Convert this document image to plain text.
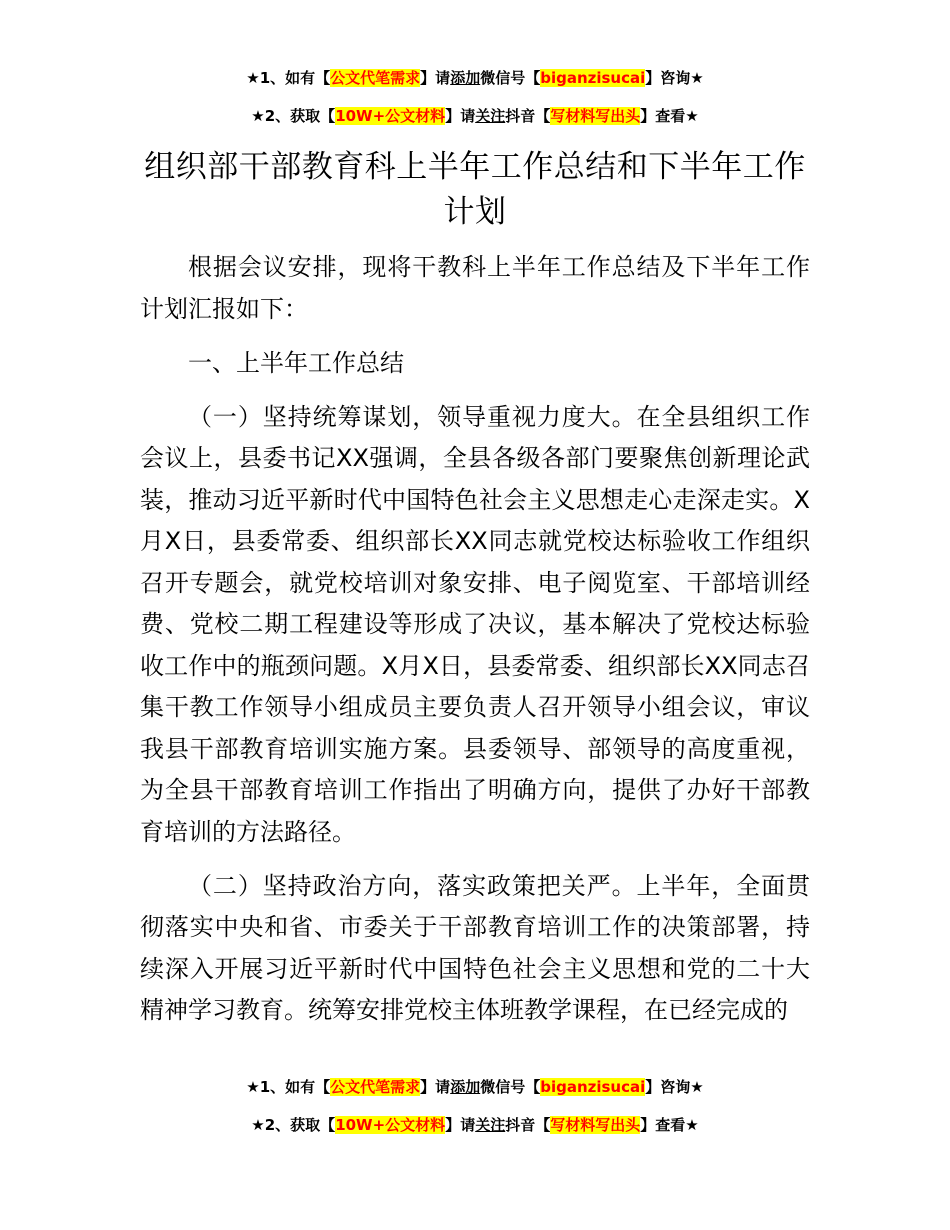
★1、如有【公文代笔需求】请添加微信号【biganzisucai】咨询★
★2、获取【10W+公文材料】请关注抖音【写材料写出头】查看★
组织部干部教育科上半年工作总结和下半年工作计划

根据会议安排，现将干教科上半年工作总结及下半年工作计划汇报如下：

一、上半年工作总结

（一）坚持统筹谋划，领导重视力度大。在全县组织工作会议上，县委书记XX强调，全县各级各部门要聚焦创新理论武装，推动习近平新时代中国特色社会主义思想走心走深走实。X月X日，县委常委、组织部长XX同志就党校达标验收工作组织召开专题会，就党校培训对象安排、电子阅览室、干部培训经费、党校二期工程建设等形成了决议，基本解决了党校达标验收工作中的瓶颈问题。X月X日，县委常委、组织部长XX同志召集干教工作领导小组成员主要负责人召开领导小组会议，审议我县干部教育培训实施方案。县委领导、部领导的高度重视，为全县干部教育培训工作指出了明确方向，提供了办好干部教育培训的方法路径。

（二）坚持政治方向，落实政策把关严。上半年，全面贯彻落实中央和省、市委关于干部教育培训工作的决策部署，持续深入开展习近平新时代中国特色社会主义思想和党的二十大精神学习教育。统筹安排党校主体班教学课程，在已经完成的

★1、如有【公文代笔需求】请添加微信号【biganzisucai】咨询★
★2、获取【10W+公文材料】请关注抖音【写材料写出头】查看★
